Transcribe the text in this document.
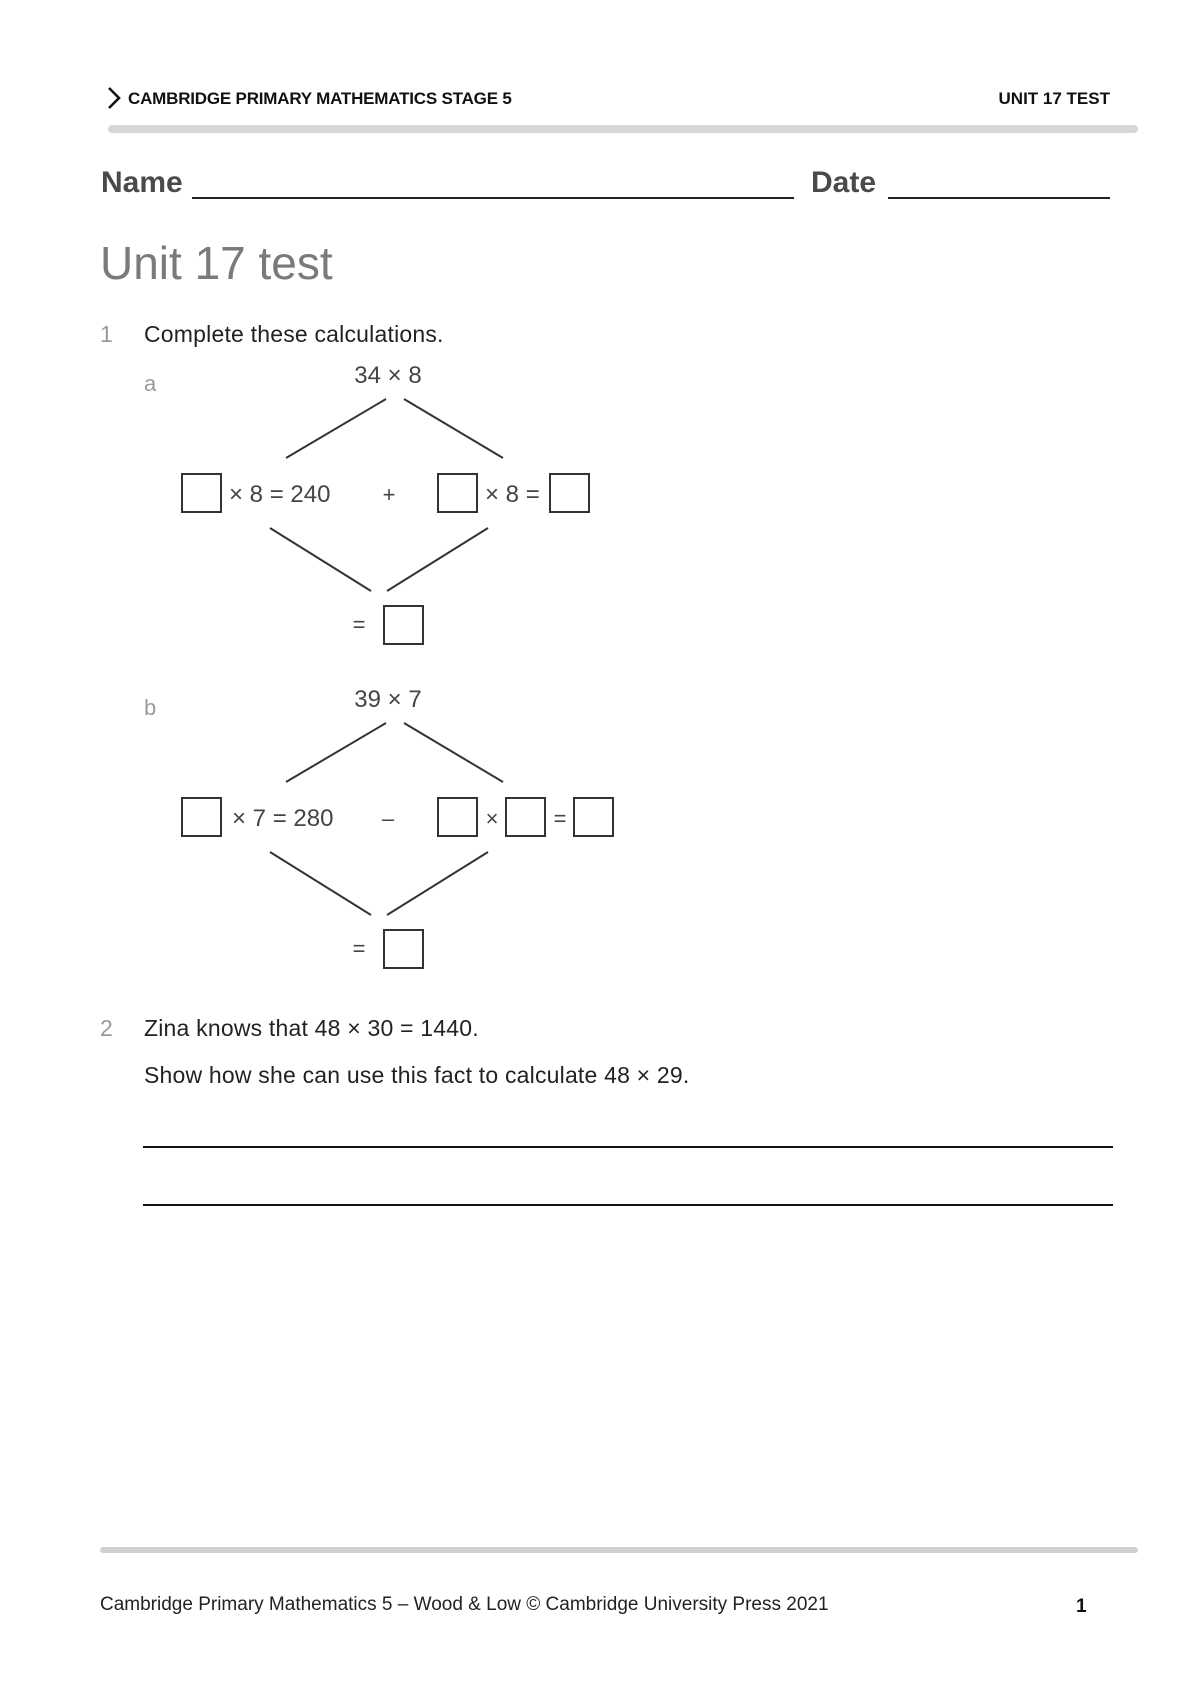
CAMBRIDGE PRIMARY MATHEMATICS STAGE 5	UNIT 17 TEST
Name	Date
Unit 17 test
1 Complete these calculations.
a
b
34 × 8
× 8 = 240 +	× 8 =
=
39 × 7
× 7 = 280 –	×	=
=
2 Zina knows that 48 × 30 = 1440.
Show how she can use this fact to calculate 48 × 29.
Cambridge Primary Mathematics 5 – Wood & Low © Cambridge University Press 2021	1
